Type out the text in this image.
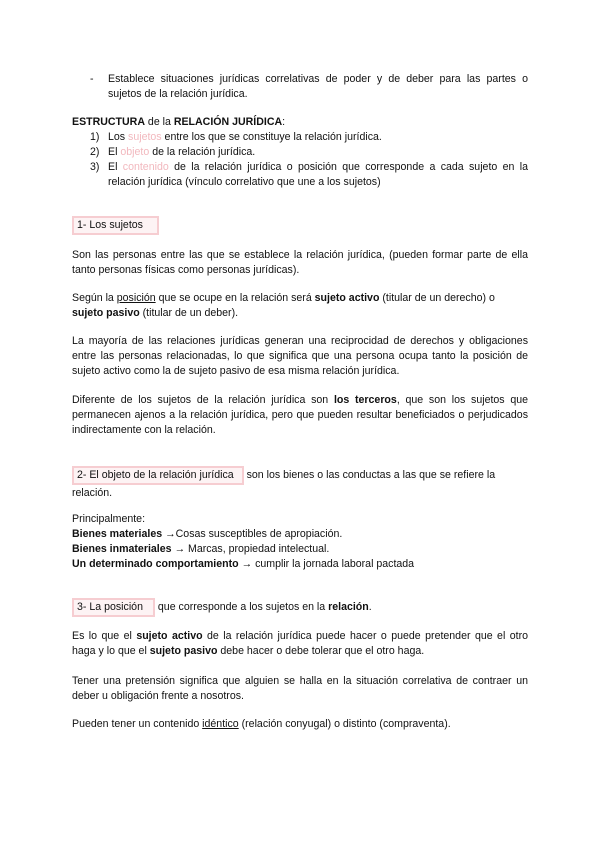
- Establece situaciones jurídicas correlativas de poder y de deber para las partes o
sujetos de la relación jurídica.
ESTRUCTURA de la RELACIÓN JURÍDICA:
1) Los sujetos entre los que se constituye la relación jurídica.
2) El objeto de la relación jurídica.
3) El contenido de la relación jurídica o posición que corresponde a cada sujeto en la
relación jurídica (vínculo correlativo que une a los sujetos)
1- Los sujetos

Son las personas entre las que se establece la relación jurídica, (pueden formar parte de ella tanto personas físicas como personas jurídicas).

Según la posición que se ocupe en la relación será sujeto activo (titular de un derecho) o
sujeto pasivo (titular de un deber).

La mayoría de las relaciones jurídicas generan una reciprocidad de derechos y obligaciones entre las personas relacionadas, lo que significa que una persona ocupa tanto la posición de sujeto activo como la de sujeto pasivo de esa misma relación jurídica.

Diferente de los sujetos de la relación jurídica son los terceros, que son los sujetos que permanecen ajenos a la relación jurídica, pero que pueden resultar beneficiados o perjudicados indirectamente con la relación.

2- El objeto de la relación jurídica son los bienes o las conductas a las que se refiere la
relación.
Principalmente:
Bienes materiales →Cosas susceptibles de apropiación.
Bienes inmateriales → Marcas, propiedad intelectual.
Un determinado comportamiento → cumplir la jornada laboral pactada
3- La posición que corresponde a los sujetos en la relación.

Es lo que el sujeto activo de la relación jurídica puede hacer o puede pretender que el otro haga y lo que el sujeto pasivo debe hacer o debe tolerar que el otro haga.

Tener una pretensión significa que alguien se halla en la situación correlativa de contraer un deber u obligación frente a nosotros.

Pueden tener un contenido idéntico (relación conyugal) o distinto (compraventa).
